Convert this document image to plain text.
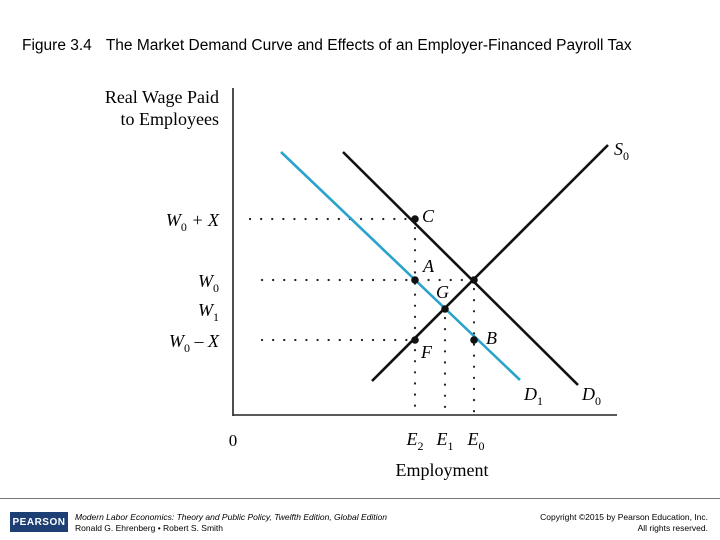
Figure 3.4 The Market Demand Curve and Effects of an Employer-Financed Payroll Tax
Real Wage Paid
to Employees
Employment
0
$W_0 + X$
$W_0$
$W_1$
$W_0$ – X
$E_2$ $E_1$ $E_0$
$S_0$
$D_1$ $D_0$
C
A
G
B
F
PEARSON Modern Labor Economics: Theory and Public Policy, Twelfth Edition, Global Edition
Ronald G. Ehrenberg • Robert S. Smith
Copyright ©2015 by Pearson Education, Inc.
All rights reserved.
